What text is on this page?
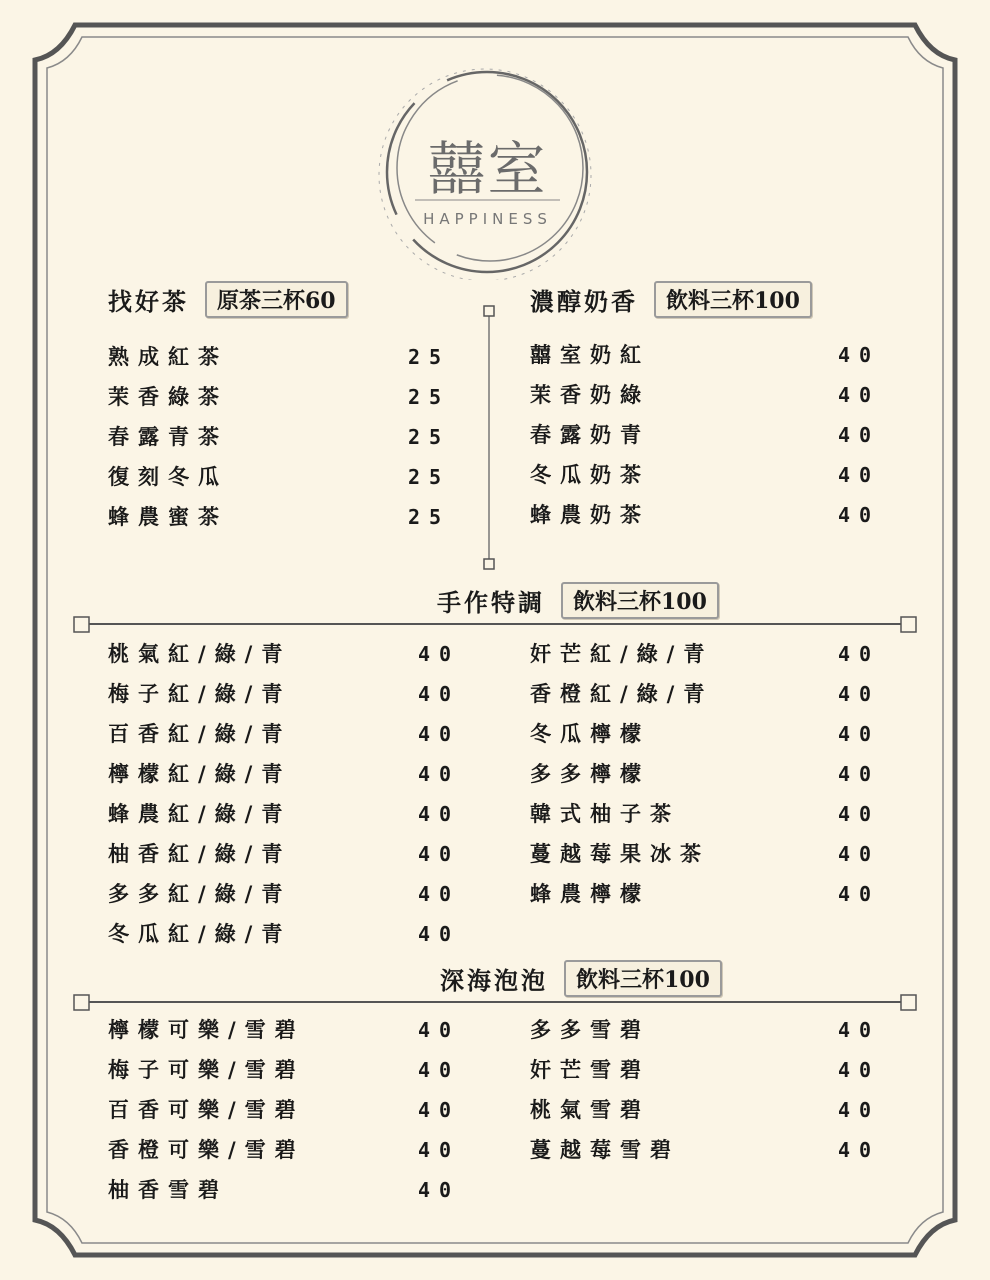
囍室
HAPPINESS
找好茶	原茶三杯60
熟成紅茶	25
茉香綠茶	25
春露青茶	25
復刻冬瓜	25
蜂農蜜茶	25
濃醇奶香	飲料三杯100
囍室奶紅	40
茉香奶綠	40
春露奶青	40
冬瓜奶茶	40
蜂農奶茶	40
手作特調	飲料三杯100
桃氣紅/綠/青	40
梅子紅/綠/青	40
百香紅/綠/青	40
檸檬紅/綠/青	40
蜂農紅/綠/青	40
柚香紅/綠/青	40
多多紅/綠/青	40
冬瓜紅/綠/青	40
奸芒紅/綠/青	40
香橙紅/綠/青	40
冬瓜檸檬	40
多多檸檬	40
韓式柚子茶	40
蔓越莓果冰茶	40
蜂農檸檬	40
深海泡泡	飲料三杯100
檸檬可樂/雪碧	40
梅子可樂/雪碧	40
百香可樂/雪碧	40
香橙可樂/雪碧	40
柚香雪碧	40
多多雪碧	40
奸芒雪碧	40
桃氣雪碧	40
蔓越莓雪碧	40
